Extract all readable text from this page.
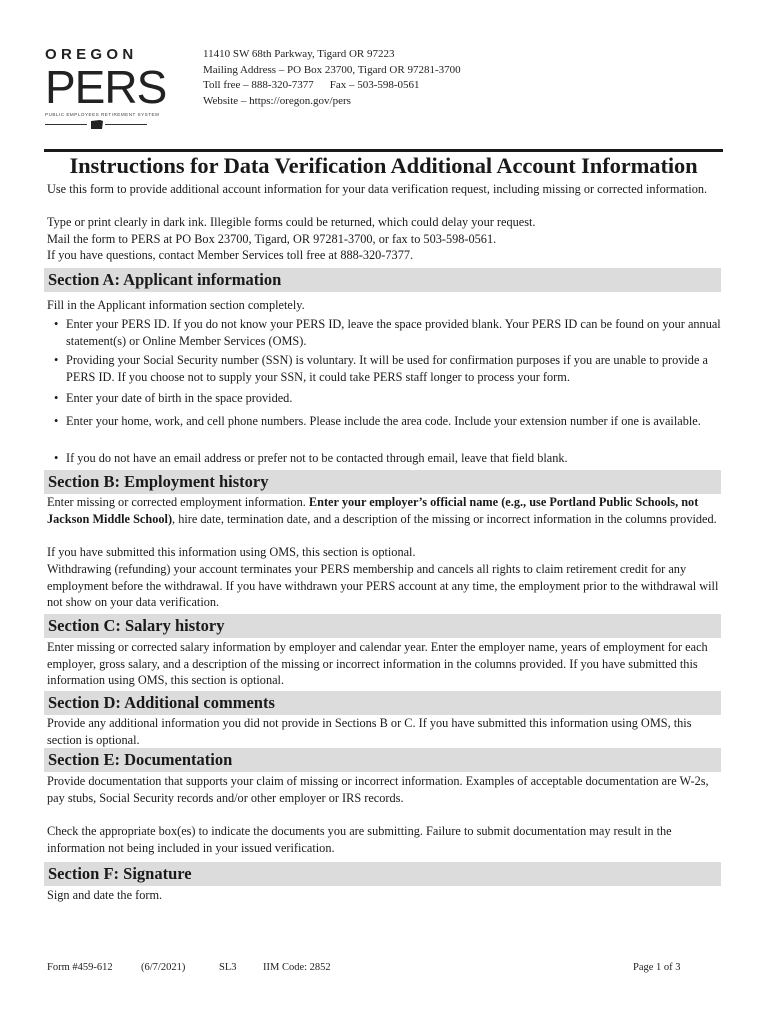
OREGON
PERS
PUBLIC EMPLOYEES RETIREMENT SYSTEM
11410 SW 68th Parkway, Tigard OR 97223
Mailing Address – PO Box 23700, Tigard OR 97281-3700
Toll free – 888-320-7377 Fax – 503-598-0561
Website – https://oregon.gov/pers
Instructions for Data Verification Additional Account Information

Use this form to provide additional account information for your data verification request, including missing or corrected information.

Type or print clearly in dark ink. Illegible forms could be returned, which could delay your request.

Mail the form to PERS at PO Box 23700, Tigard, OR 97281-3700, or fax to 503-598-0561.

If you have questions, contact Member Services toll free at 888-320-7377.

Section A: Applicant information

Fill in the Applicant information section completely.

• Enter your PERS ID. If you do not know your PERS ID, leave the space provided blank. Your PERS ID can be found on your annual statement(s) or Online Member Services (OMS).
• Providing your Social Security number (SSN) is voluntary. It will be used for confirmation purposes if you are unable to provide a PERS ID. If you choose not to supply your SSN, it could take PERS staff longer to process your form.
• Enter your date of birth in the space provided.
• Enter your home, work, and cell phone numbers. Please include the area code. Include your extension number if one is available.
• If you do not have an email address or prefer not to be contacted through email, leave that field blank.
Section B: Employment history

Enter missing or corrected employment information. Enter your employer’s official name (e.g., use Portland Public Schools, not Jackson Middle School), hire date, termination date, and a description of the missing or incorrect information in the columns provided.

If you have submitted this information using OMS, this section is optional.

Withdrawing (refunding) your account terminates your PERS membership and cancels all rights to claim retirement credit for any employment before the withdrawal. If you have withdrawn your PERS account at any time, the employment prior to the withdrawal will not show on your data verification.

Section C: Salary history

Enter missing or corrected salary information by employer and calendar year. Enter the employer name, years of employment for each employer, gross salary, and a description of the missing or incorrect information in the columns provided. If you have submitted this information using OMS, this section is optional.

Section D: Additional comments

Provide any additional information you did not provide in Sections B or C. If you have submitted this information using OMS, this section is optional.

Section E: Documentation

Provide documentation that supports your claim of missing or incorrect information. Examples of acceptable documentation are W-2s, pay stubs, Social Security records and/or other employer or IRS records.

Check the appropriate box(es) to indicate the documents you are submitting. Failure to submit documentation may result in the information not being included in your issued verification.

Section F: Signature

Sign and date the form.

Form #459-612	(6/7/2021)	SL3	IIM Code: 2852	Page 1 of 3
